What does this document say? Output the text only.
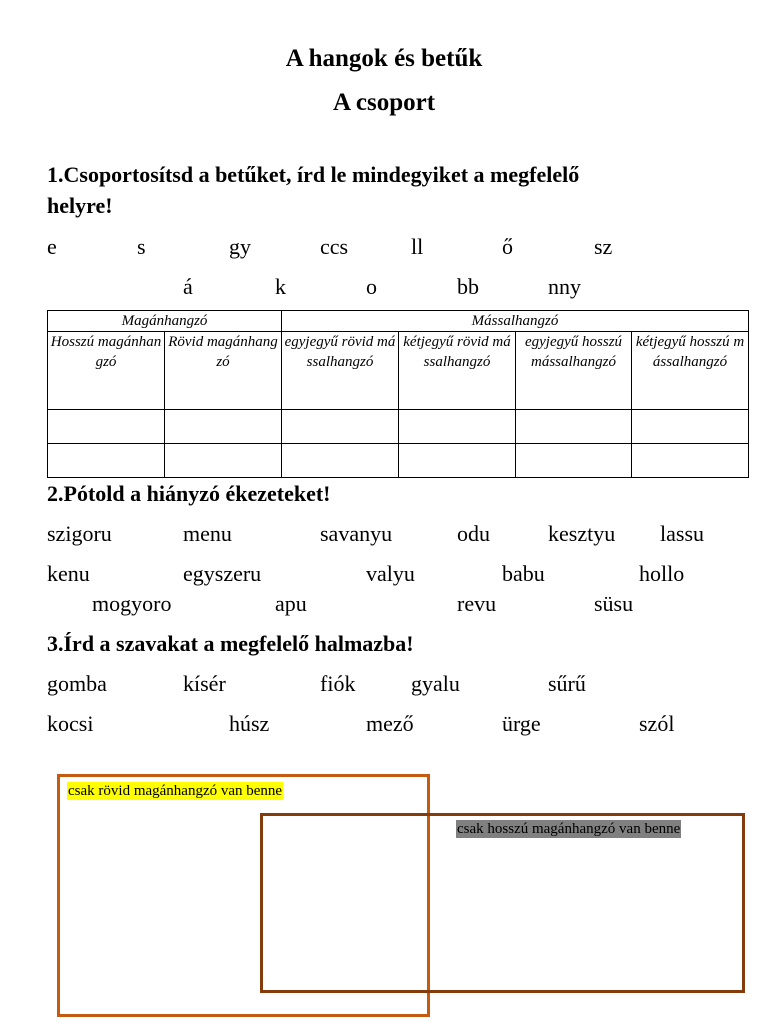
A hangok és betűk
A csoport
1.Csoportosítsd a betűket, írd le mindegyiket a megfelelő
helyre!
e	s	gy	ccs	ll	ő	sz
á	k	o	bb	nny
Magánhangzó		Mássalhangzó			
Hosszú magánhangzó	Rövid magánhangzó	egyjegyű rövid mássalhangzó	kétjegyű rövid mássalhangzó	egyjegyű hosszú mássalhangzó	kétjegyű hosszú mássalhangzó

2.Pótold a hiányzó ékezeteket!
szigoru	menu	savanyu	odu	kesztyu lassu
kenu	egyszeru	valyu	babu	hollo
mogyoro	apu	revu	süsu
3.Írd a szavakat a megfelelő halmazba!
gomba	kísér	fiók	gyalu	sűrű
kocsi	húsz	mező	ürge	szól
csak rövid magánhangzó van benne
csak hosszú magánhangzó van benne
